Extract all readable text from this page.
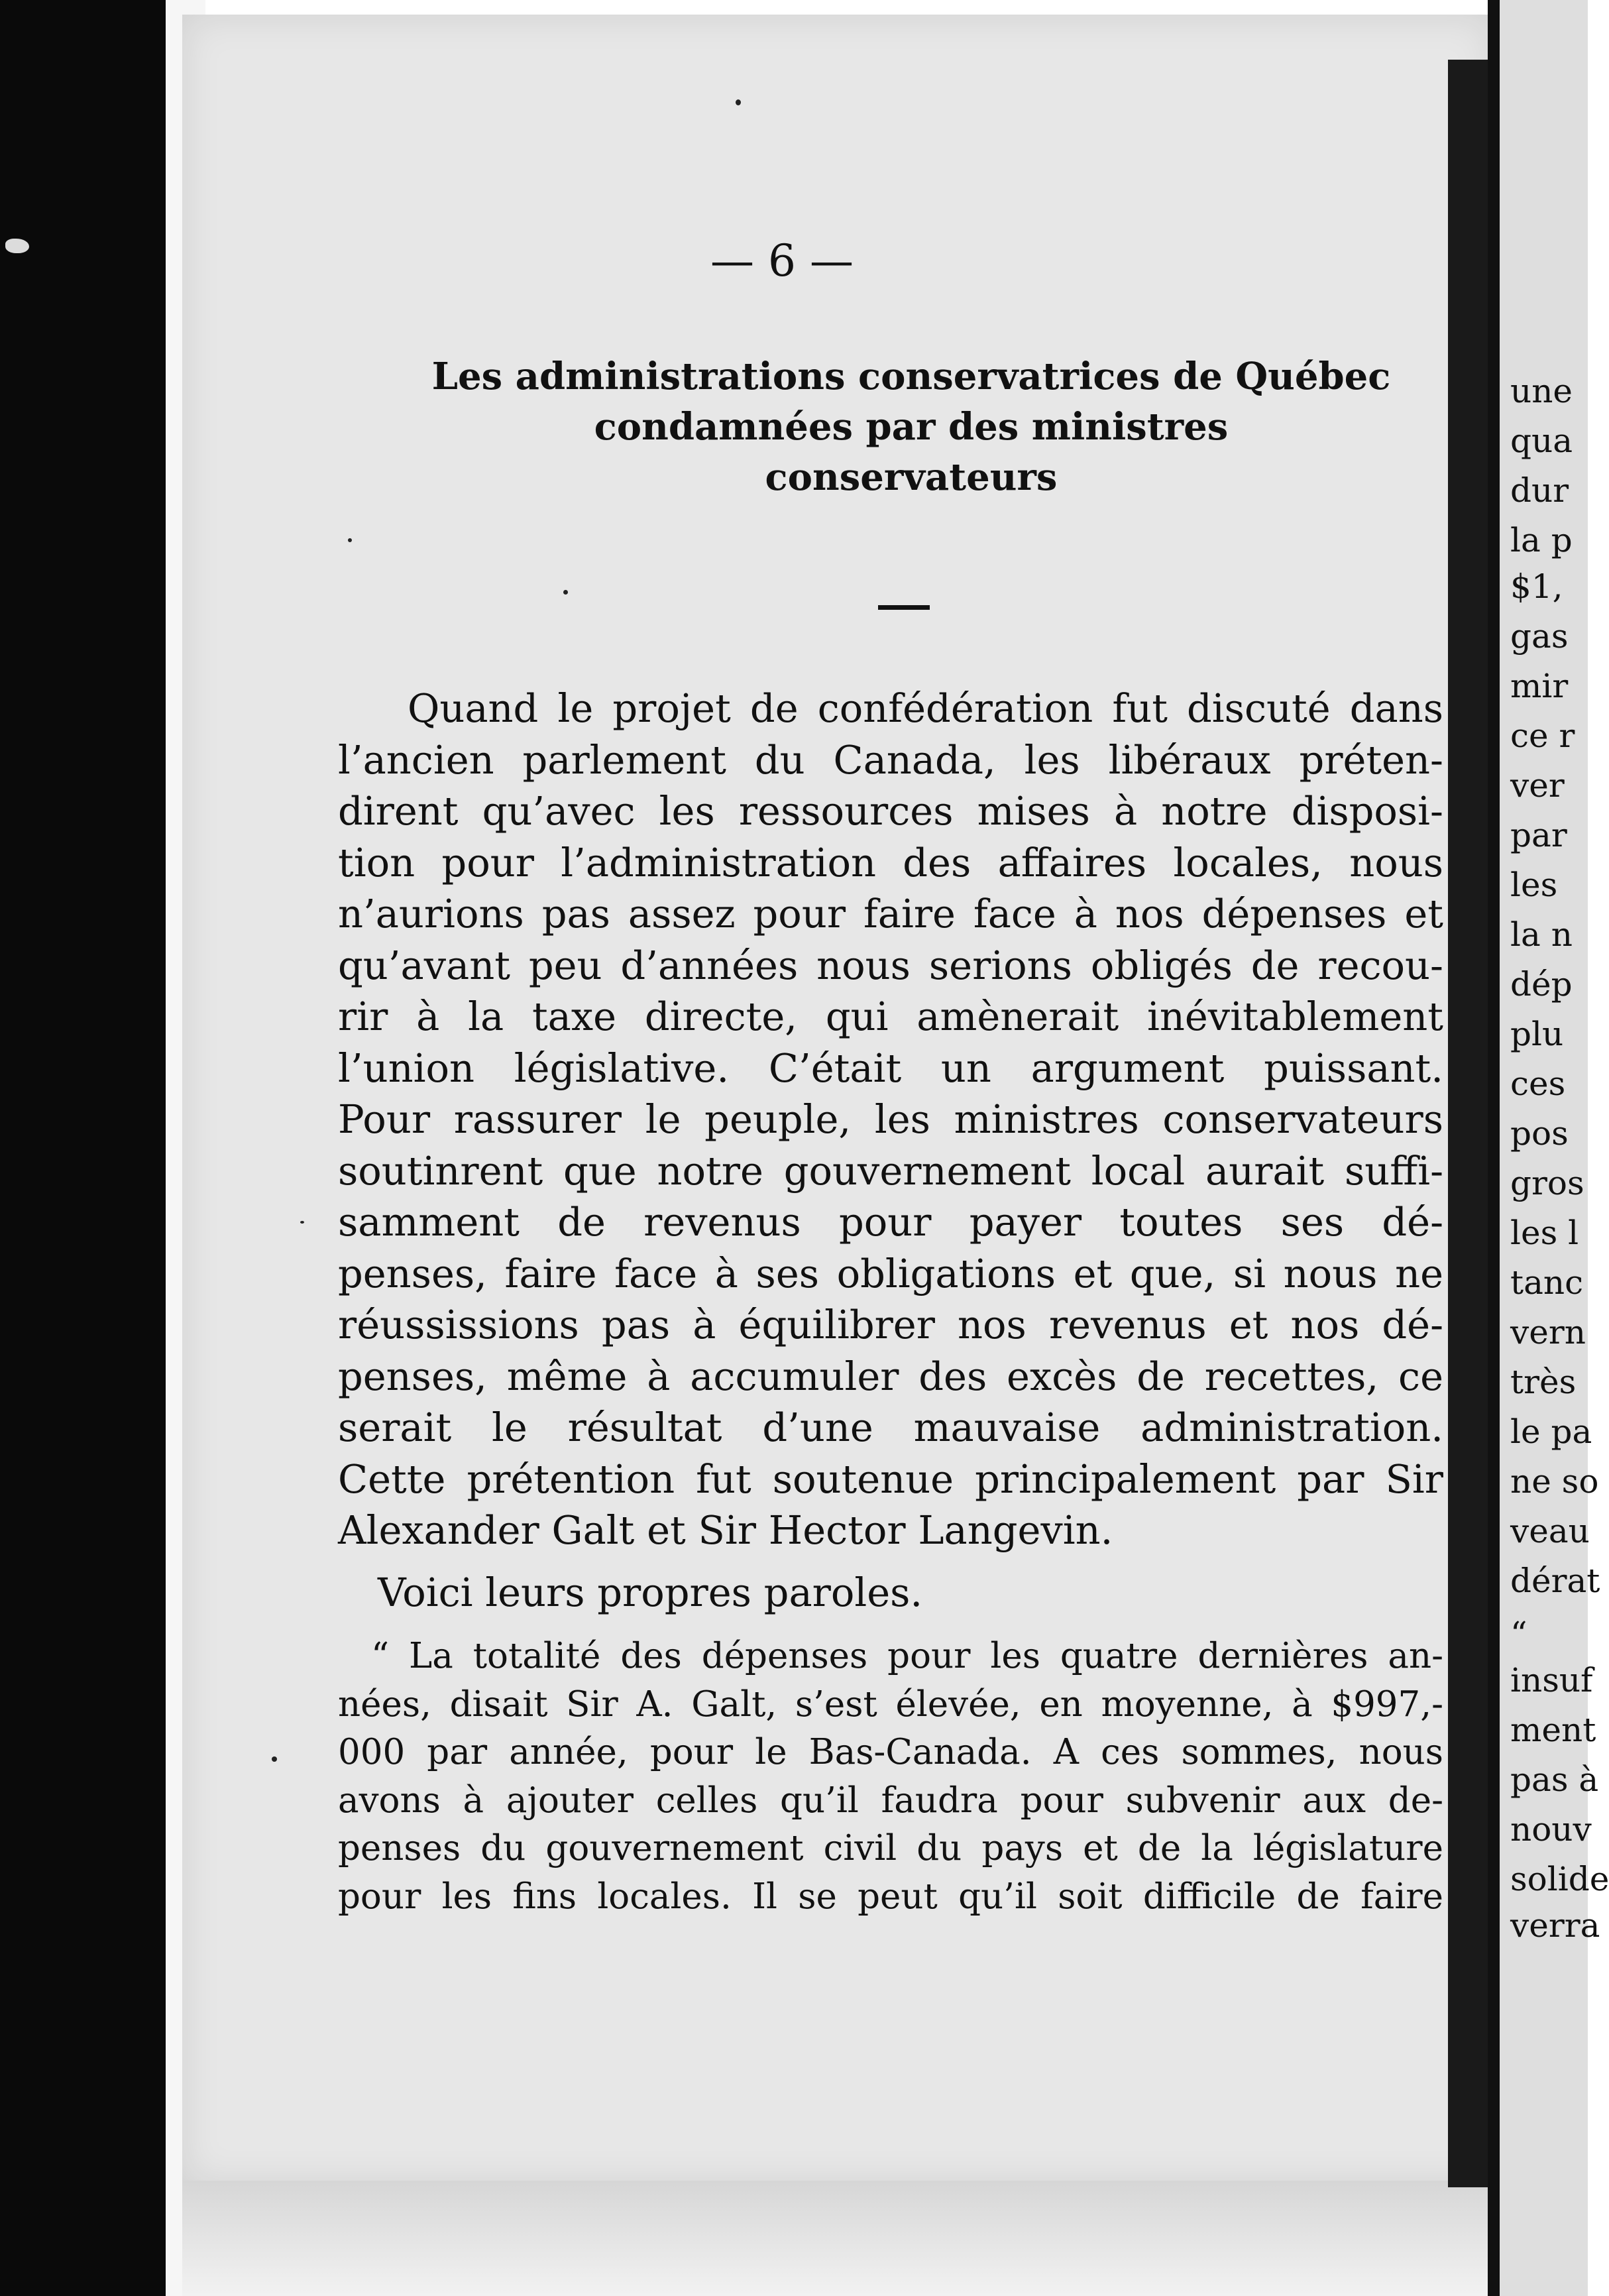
une
qua
dur
la p
$1,
gas
mir
ce r
ver
par
les
la n
dép
plu
ces
pos
gros
les l
tanc
vern
très
le pa
ne so
veau
dérat
“
insuf
ment
pas à
nouv
solide
verra
— 6 —
Les administrations conservatrices de Québec
condamnées par des ministres
conservateurs

Quand le projet de confédération fut discuté dans
l’ancien parlement du Canada, les libéraux préten-
dirent qu’avec les ressources mises à notre disposi-
tion pour l’administration des affaires locales, nous
n’aurions pas assez pour faire face à nos dépenses et
qu’avant peu d’années nous serions obligés de recou-
rir à la taxe directe, qui amènerait inévitablement
l’union législative. C’était un argument puissant.
Pour rassurer le peuple, les ministres conservateurs
soutinrent que notre gouvernement local aurait suffi-
samment de revenus pour payer toutes ses dé-
penses, faire face à ses obligations et que, si nous ne
réussissions pas à équilibrer nos revenus et nos dé-
penses, même à accumuler des excès de recettes, ce
serait le résultat d’une mauvaise administration.
Cette prétention fut soutenue principalement par Sir
Alexander Galt et Sir Hector Langevin.

Voici leurs propres paroles.

“ La totalité des dépenses pour les quatre dernières an-
nées, disait Sir A. Galt, s’est élevée, en moyenne, à $997,-
000 par année, pour le Bas-Canada. A ces sommes, nous
avons à ajouter celles qu’il faudra pour subvenir aux de-
penses du gouvernement civil du pays et de la législature
pour les fins locales. Il se peut qu’il soit difficile de faire
